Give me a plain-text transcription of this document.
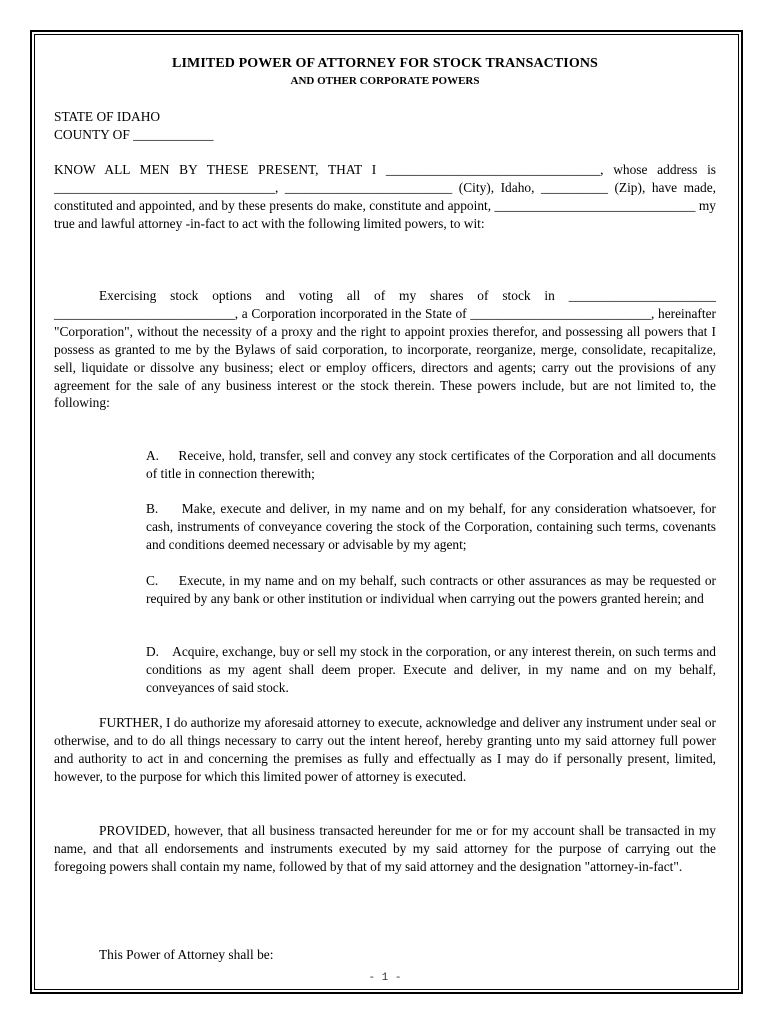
LIMITED POWER OF ATTORNEY FOR STOCK TRANSACTIONS
AND OTHER CORPORATE POWERS
STATE OF IDAHO
COUNTY OF ____________
KNOW ALL MEN BY THESE PRESENT, THAT I ________________________________, whose address is _________________________________, _________________________ (City), Idaho, __________ (Zip), have made, constituted and appointed, and by these presents do make, constitute and appoint, ______________________________ my true and lawful attorney -in-fact to act with the following limited powers, to wit:
Exercising stock options and voting all of my shares of stock in ______________________ ___________________________, a Corporation incorporated in the State of ___________________________, hereinafter "Corporation", without the necessity of a proxy and the right to appoint proxies therefor, and possessing all powers that I possess as granted to me by the Bylaws of said corporation, to incorporate, reorganize, merge, consolidate, recapitalize, sell, liquidate or dissolve any business; elect or employ officers, directors and agents; carry out the provisions of any agreement for the sale of any business interest or the stock therein. These powers include, but are not limited to, the following:
A.     Receive, hold, transfer, sell and convey any stock certificates of the Corporation and all documents of title in connection therewith;
B.     Make, execute and deliver, in my name and on my behalf, for any consideration whatsoever, for cash, instruments of conveyance covering the stock of the Corporation, containing such terms, covenants and conditions deemed necessary or advisable by my agent;
C.     Execute, in my name and on my behalf, such contracts or other assurances as may be requested or required by any bank or other institution or individual when carrying out the powers granted herein; and
D.    Acquire, exchange, buy or sell my stock in the corporation, or any interest therein, on such terms and conditions as my agent shall deem proper. Execute and deliver, in my name and on my behalf, conveyances of said stock.
FURTHER, I do authorize my aforesaid attorney to execute, acknowledge and deliver any instrument under seal or otherwise, and to do all things necessary to carry out the intent hereof, hereby granting unto my said attorney full power and authority to act in and concerning the premises as fully and effectually as I may do if personally present, limited, however, to the purpose for which this limited power of attorney is executed.
PROVIDED, however, that all business transacted hereunder for me or for my account shall be transacted in my name, and that all endorsements and instruments executed by my said attorney for the purpose of carrying out the foregoing powers shall contain my name, followed by that of my said attorney and the designation "attorney-in-fact".
This Power of Attorney shall be:
- 1 -
